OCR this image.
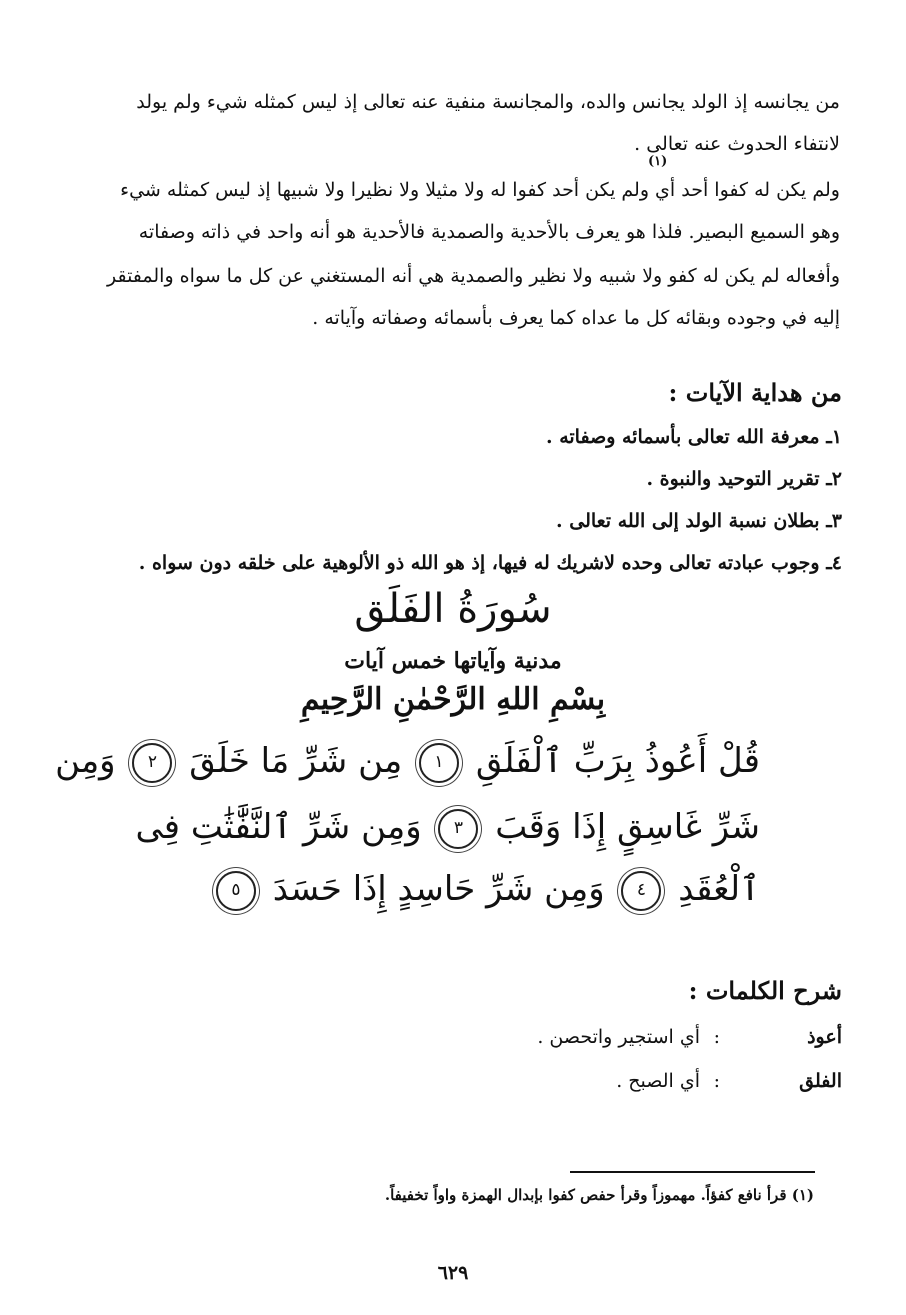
من يجانسه إذ الولد يجانس والده، والمجانسة منفية عنه تعالى إذ ليس كمثله شيء ولم يولد
لانتفاء الحدوث عنه تعالى .
(١)
ولم يكن له كفوا أحد أي ولم يكن أحد كفوا له ولا مثيلا ولا نظيرا ولا شبيها إذ ليس كمثله شيء
وهو السميع البصير. فلذا هو يعرف بالأحدية والصمدية فالأحدية هو أنه واحد في ذاته وصفاته
وأفعاله لم يكن له كفو ولا شبيه ولا نظير والصمدية هي أنه المستغني عن كل ما سواه والمفتقر
إليه في وجوده وبقائه كل ما عداه كما يعرف بأسمائه وصفاته وآياته .
من هداية الآيات :
١ـ معرفة الله تعالى بأسمائه وصفاته .
٢ـ تقرير التوحيد والنبوة .
٣ـ بطلان نسبة الولد إلى الله تعالى .
٤ـ وجوب عبادته تعالى وحده لاشريك له فيها، إذ هو الله ذو الألوهية على خلقه دون سواه .
سُورَةُ الفَلَق
مدنية وآياتها خمس آيات
بِسْمِ اللهِ الرَّحْمٰنِ الرَّحِيمِ
قُلْ أَعُوذُ بِرَبِّ ٱلْفَلَقِ ١ مِن شَرِّ مَا خَلَقَ ٢ وَمِن
شَرِّ غَاسِقٍ إِذَا وَقَبَ ٣ وَمِن شَرِّ ٱلنَّفَّٰثَٰتِ فِى
ٱلْعُقَدِ ٤ وَمِن شَرِّ حَاسِدٍ إِذَا حَسَدَ ٥
شرح الكلمات :
أعوذ
:
أي استجير واتحصن .
الفلق
:
أي الصبح .
(١) قرأ نافع كفؤاً. مهموزاً وقرأ حفص كفوا بإبدال الهمزة واواً تخفيفاً.
٦٢٩
